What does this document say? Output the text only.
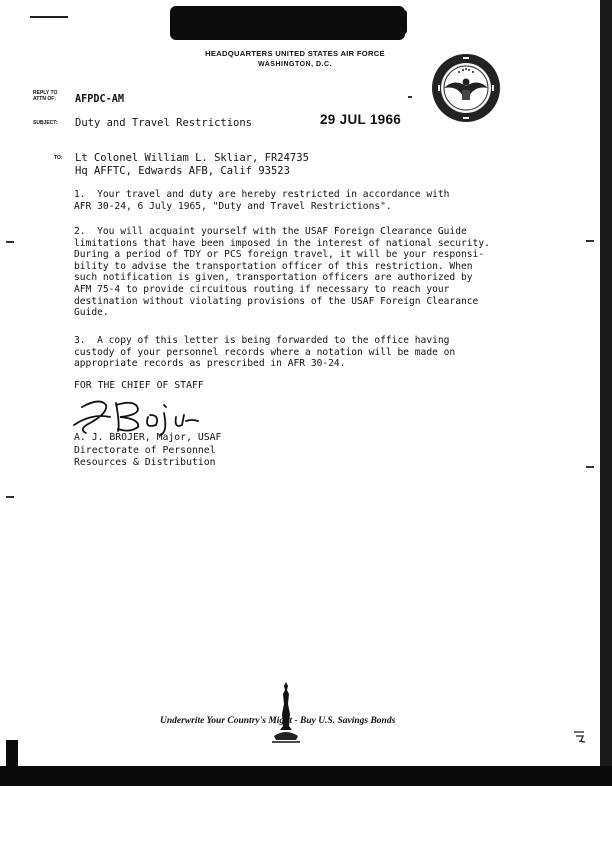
HEADQUARTERS UNITED STATES AIR FORCE
WASHINGTON, D.C.
REPLY TO
ATTN OF: AFPDC-AM
SUBJECT: Duty and Travel Restrictions	29 JUL 1966
TO: Lt Colonel William L. Skliar, FR24735
Hq AFFTC, Edwards AFB, Calif 93523
1.  Your travel and duty are hereby restricted in accordance with
AFR 30-24, 6 July 1965, "Duty and Travel Restrictions".
2.  You will acquaint yourself with the USAF Foreign Clearance Guide
limitations that have been imposed in the interest of national security.
During a period of TDY or PCS foreign travel, it will be your responsi-
bility to advise the transportation officer of this restriction. When
such notification is given, transportation officers are authorized by
AFM 75-4 to provide circuitous routing if necessary to reach your
destination without violating provisions of the USAF Foreign Clearance
Guide.
3.  A copy of this letter is being forwarded to the office having
custody of your personnel records where a notation will be made on
appropriate records as prescribed in AFR 30-24.
FOR THE CHIEF OF STAFF
A. J. BROJER, Major, USAF
Directorate of Personnel
Resources & Distribution
Underwrite Your Country's Might - Buy U.S. Savings Bonds
